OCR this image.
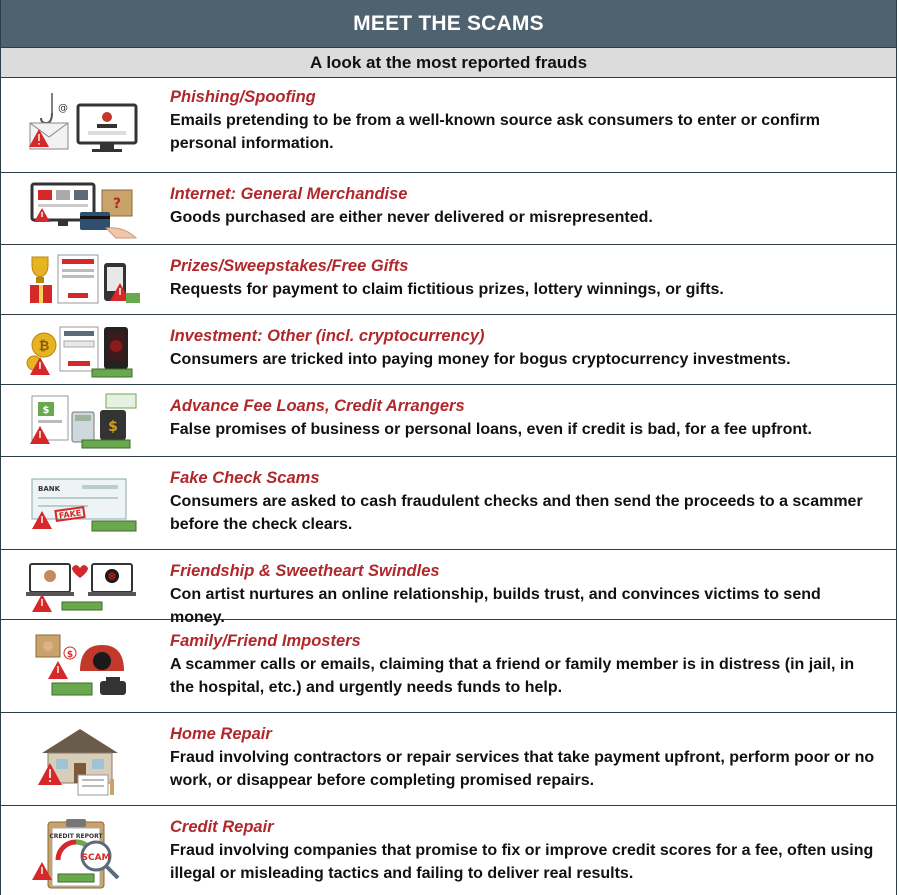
MEET THE SCAMS
A look at the most reported frauds
@
Phishing/Spoofing
Emails pretending to be from a well-known source ask consumers to enter or confirm personal information.
?
Internet: General Merchandise
Goods purchased are either never delivered or misrepresented.
Prizes/Sweepstakes/Free Gifts
Requests for payment to claim fictitious prizes, lottery winnings, or gifts.
₿
Investment: Other (incl. cryptocurrency)
Consumers are tricked into paying money for bogus cryptocurrency investments.
$
$
Advance Fee Loans, Credit Arrangers
False promises of business or personal loans, even if credit is bad, for a fee upfront.
BANK
FAKE
Fake Check Scams
Consumers are asked to cash fraudulent checks and then send the proceeds to a scammer before the check clears.
Friendship & Sweetheart Swindles
Con artist nurtures an online relationship, builds trust, and convinces victims to send money.
$
Family/Friend Imposters
A scammer calls or emails, claiming that a friend or family member is in distress (in jail, in the hospital, etc.) and urgently needs funds to help.
Home Repair
Fraud involving contractors or repair services that take payment upfront, perform poor or no work, or disappear before completing promised repairs.
CREDIT REPORT
SCAM
Credit Repair
Fraud involving companies that promise to fix or improve credit scores for a fee, often using illegal or misleading tactics and failing to deliver real results.
